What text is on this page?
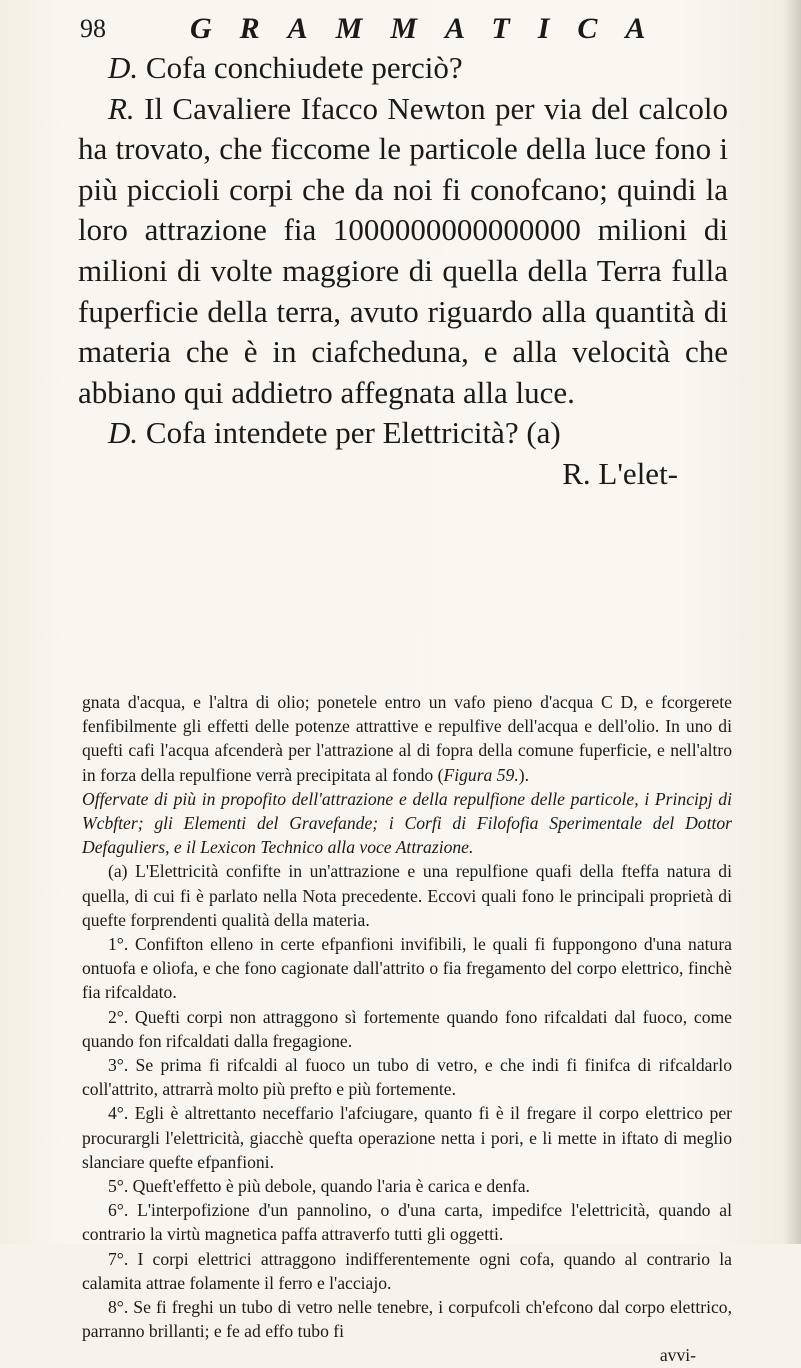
98	GRAMMATICA

D. Cofa conchiudete perciò?

R. Il Cavaliere Ifacco Newton per via del calcolo ha trovato, che ficcome le particole della luce fono i più piccioli corpi che da noi fi conofcano; quindi la loro attrazione fia 1000000000000000 milioni di milioni di volte maggiore di quella della Terra fulla fuperficie della terra, avuto riguardo alla quantità di materia che è in ciafcheduna, e alla velocità che abbiano qui addietro affegnata alla luce.

D. Cofa intendete per Elettricità? (a)

R. L'elet-

gnata d'acqua, e l'altra di olio; ponetele entro un vafo pieno d'acqua C D, e fcorgerete fenfibilmente gli effetti delle potenze attrattive e repulfive dell'acqua e dell'olio. In uno di quefti cafi l'acqua afcenderà per l'attrazione al di fopra della comune fuperficie, e nell'altro in forza della repulfione verrà precipitata al fondo (Figura 59.).

Offervate di più in propofito dell'attrazione e della repulfione delle particole, i Principj di Wcbfter; gli Elementi del Gravefande; i Corfi di Filofofia Sperimentale del Dottor Defaguliers, e il Lexicon Technico alla voce Attrazione.

(a) L'Elettricità confifte in un'attrazione e una repulfione quafi della fteffa natura di quella, di cui fi è parlato nella Nota precedente. Eccovi quali fono le principali proprietà di quefte forprendenti qualità della materia.

1°. Confifton elleno in certe efpanfioni invifibili, le quali fi fuppongono d'una natura ontuofa e oliofa, e che fono cagionate dall'attrito o fia fregamento del corpo elettrico, finchè fia rifcaldato.

2°. Quefti corpi non attraggono sì fortemente quando fono rifcaldati dal fuoco, come quando fon rifcaldati dalla fregagione.

3°. Se prima fi rifcaldi al fuoco un tubo di vetro, e che indi fi finifca di rifcaldarlo coll'attrito, attrarrà molto più prefto e più fortemente.

4°. Egli è altrettanto neceffario l'afciugare, quanto fi è il fregare il corpo elettrico per procurargli l'elettricità, giacchè quefta operazione netta i pori, e li mette in iftato di meglio slanciare quefte efpanfioni.

5°. Queft'effetto è più debole, quando l'aria è carica e denfa.

6°. L'interpofizione d'un pannolino, o d'una carta, impedifce l'elettricità, quando al contrario la virtù magnetica paffa attraverfo tutti gli oggetti.

7°. I corpi elettrici attraggono indifferentemente ogni cofa, quando al contrario la calamita attrae folamente il ferro e l'acciajo.

8°. Se fi freghi un tubo di vetro nelle tenebre, i corpufcoli ch'efcono dal corpo elettrico, parranno brillanti; e fe ad effo tubo fi

avvi-
